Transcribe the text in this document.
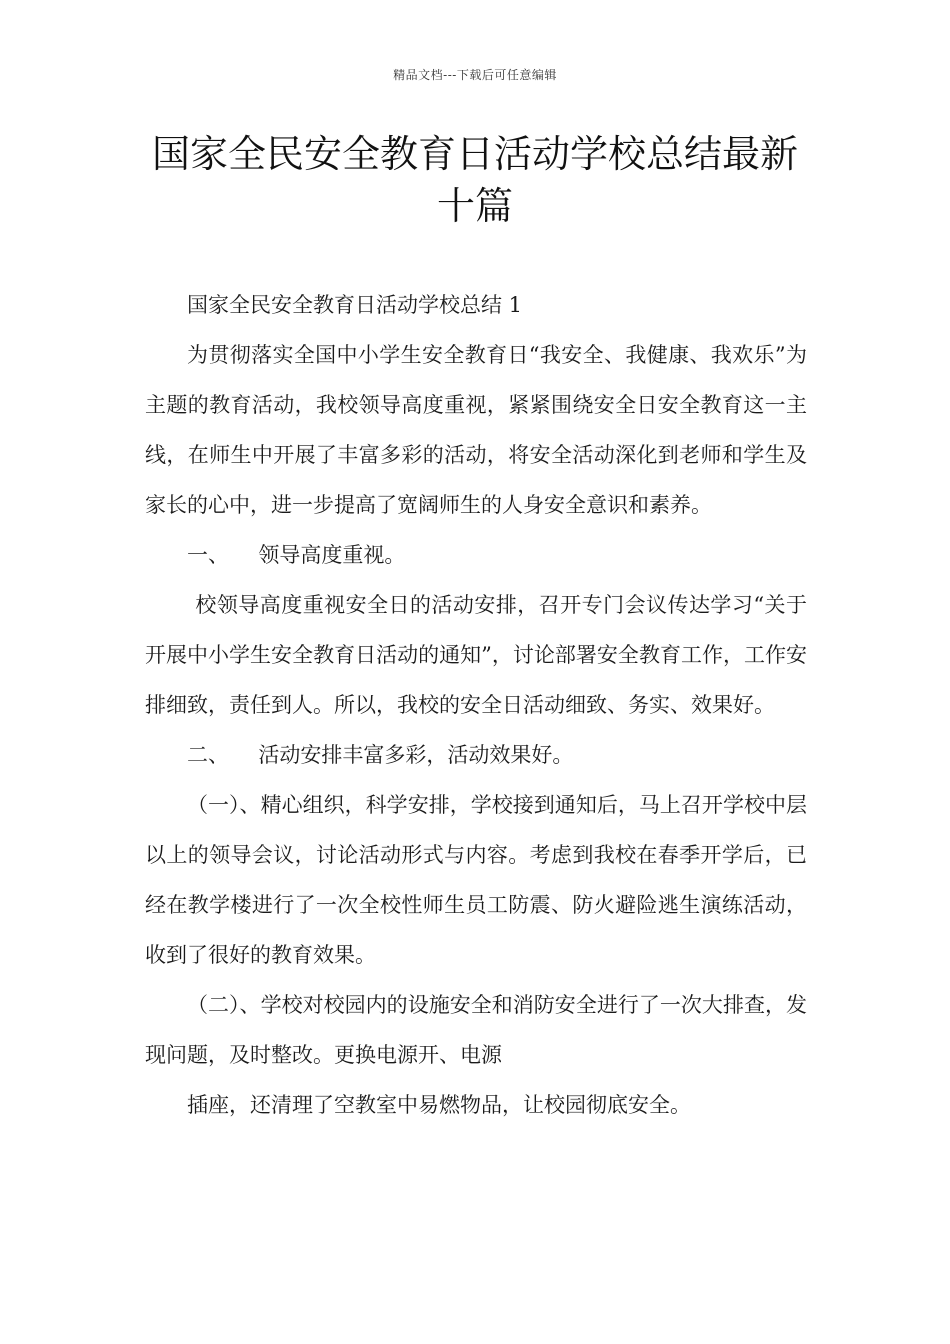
精品文档---下载后可任意编辑
国家全民安全教育日活动学校总结最新十篇

国家全民安全教育日活动学校总结 1

为贯彻落实全国中小学生安全教育日“我安全、我健康、我欢乐”为主题的教育活动，我校领导高度重视，紧紧围绕安全日安全教育这一主线，在师生中开展了丰富多彩的活动，将安全活动深化到老师和学生及家长的心中，进一步提高了宽阔师生的人身安全意识和素养。

一、 领导高度重视。

校领导高度重视安全日的活动安排，召开专门会议传达学习“关于开展中小学生安全教育日活动的通知”，讨论部署安全教育工作，工作安排细致，责任到人。所以，我校的安全日活动细致、务实、效果好。

二、 活动安排丰富多彩，活动效果好。

（一）、精心组织，科学安排，学校接到通知后，马上召开学校中层以上的领导会议，讨论活动形式与内容。考虑到我校在春季开学后，已经在教学楼进行了一次全校性师生员工防震、防火避险逃生演练活动，收到了很好的教育效果。

（二）、学校对校园内的设施安全和消防安全进行了一次大排查，发现问题，及时整改。更换电源开、电源

插座，还清理了空教室中易燃物品，让校园彻底安全。
